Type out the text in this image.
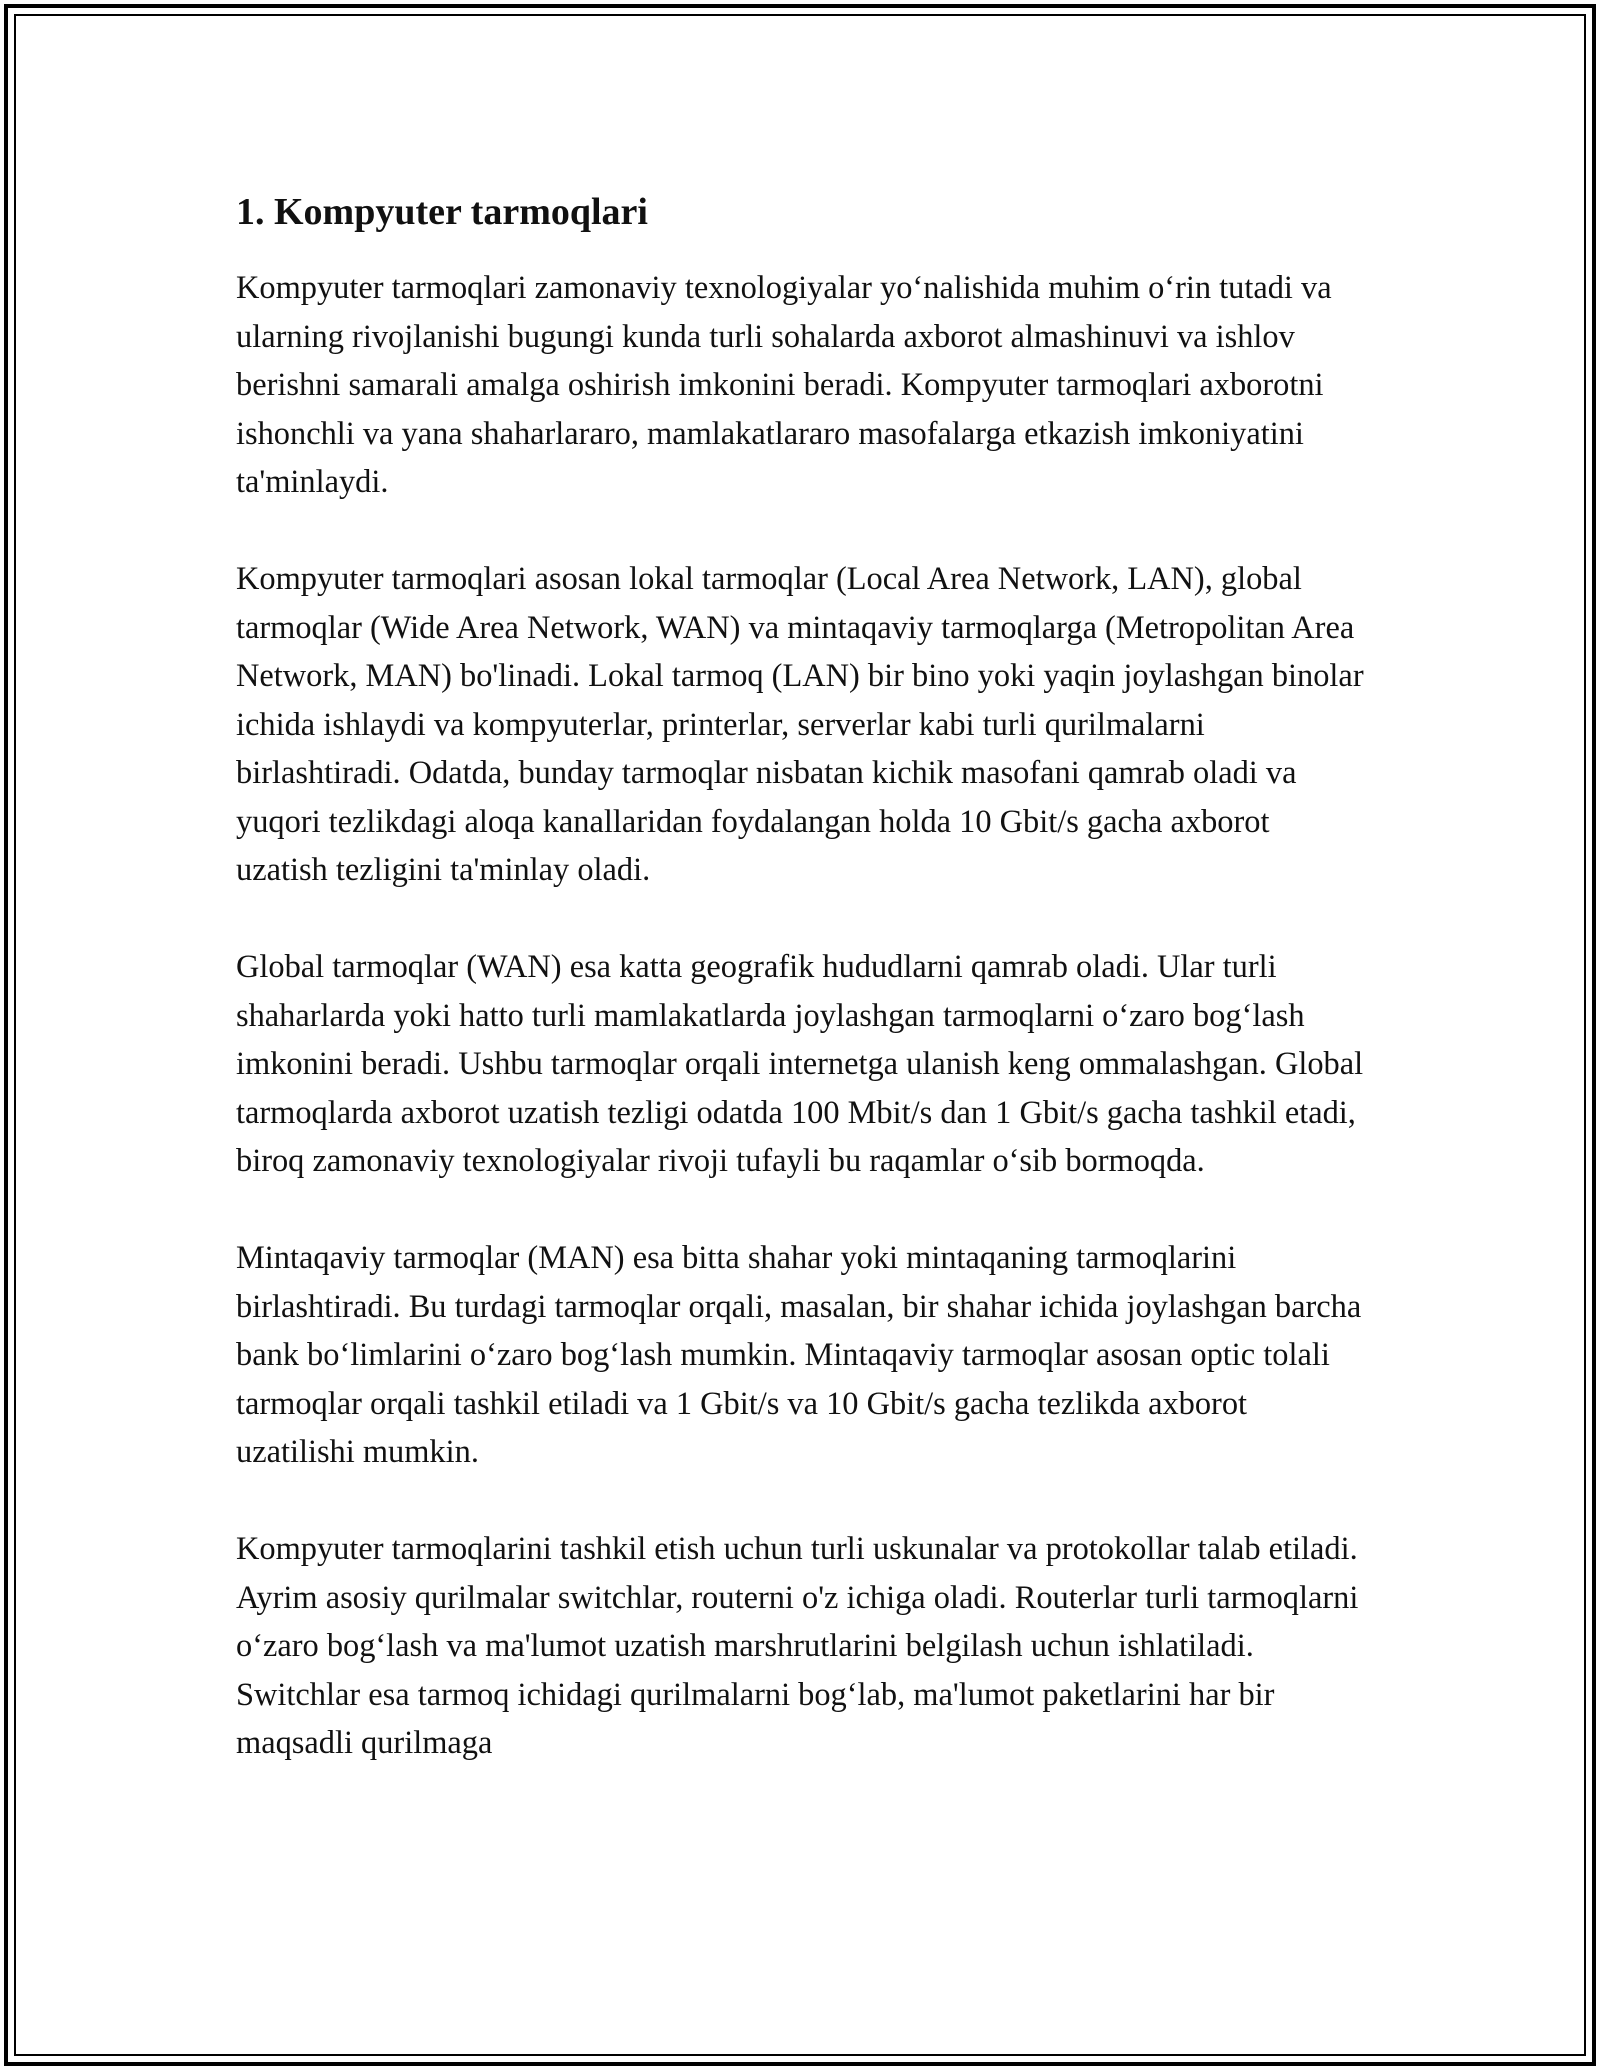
1. Kompyuter tarmoqlari

Kompyuter tarmoqlari zamonaviy texnologiyalar yo‘nalishida muhim o‘rin tutadi va ularning rivojlanishi bugungi kunda turli sohalarda axborot almashinuvi va ishlov berishni samarali amalga oshirish imkonini beradi. Kompyuter tarmoqlari axborotni ishonchli va yana shaharlararo, mamlakatlararo masofalarga etkazish imkoniyatini ta'minlaydi.

Kompyuter tarmoqlari asosan lokal tarmoqlar (Local Area Network, LAN), global tarmoqlar (Wide Area Network, WAN) va mintaqaviy tarmoqlarga (Metropolitan Area Network, MAN) bo'linadi. Lokal tarmoq (LAN) bir bino yoki yaqin joylashgan binolar ichida ishlaydi va kompyuterlar, printerlar, serverlar kabi turli qurilmalarni birlashtiradi. Odatda, bunday tarmoqlar nisbatan kichik masofani qamrab oladi va yuqori tezlikdagi aloqa kanallaridan foydalangan holda 10 Gbit/s gacha axborot uzatish tezligini ta'minlay oladi.

Global tarmoqlar (WAN) esa katta geografik hududlarni qamrab oladi. Ular turli shaharlarda yoki hatto turli mamlakatlarda joylashgan tarmoqlarni o‘zaro bog‘lash imkonini beradi. Ushbu tarmoqlar orqali internetga ulanish keng ommalashgan. Global tarmoqlarda axborot uzatish tezligi odatda 100 Mbit/s dan 1 Gbit/s gacha tashkil etadi, biroq zamonaviy texnologiyalar rivoji tufayli bu raqamlar o‘sib bormoqda.

Mintaqaviy tarmoqlar (MAN) esa bitta shahar yoki mintaqaning tarmoqlarini birlashtiradi. Bu turdagi tarmoqlar orqali, masalan, bir shahar ichida joylashgan barcha bank bo‘limlarini o‘zaro bog‘lash mumkin. Mintaqaviy tarmoqlar asosan optic tolali tarmoqlar orqali tashkil etiladi va 1 Gbit/s va 10 Gbit/s gacha tezlikda axborot uzatilishi mumkin.

Kompyuter tarmoqlarini tashkil etish uchun turli uskunalar va protokollar talab etiladi. Ayrim asosiy qurilmalar switchlar, routerni o'z ichiga oladi. Routerlar turli tarmoqlarni o‘zaro bog‘lash va ma'lumot uzatish marshrutlarini belgilash uchun ishlatiladi. Switchlar esa tarmoq ichidagi qurilmalarni bog‘lab, ma'lumot paketlarini har bir maqsadli qurilmaga
